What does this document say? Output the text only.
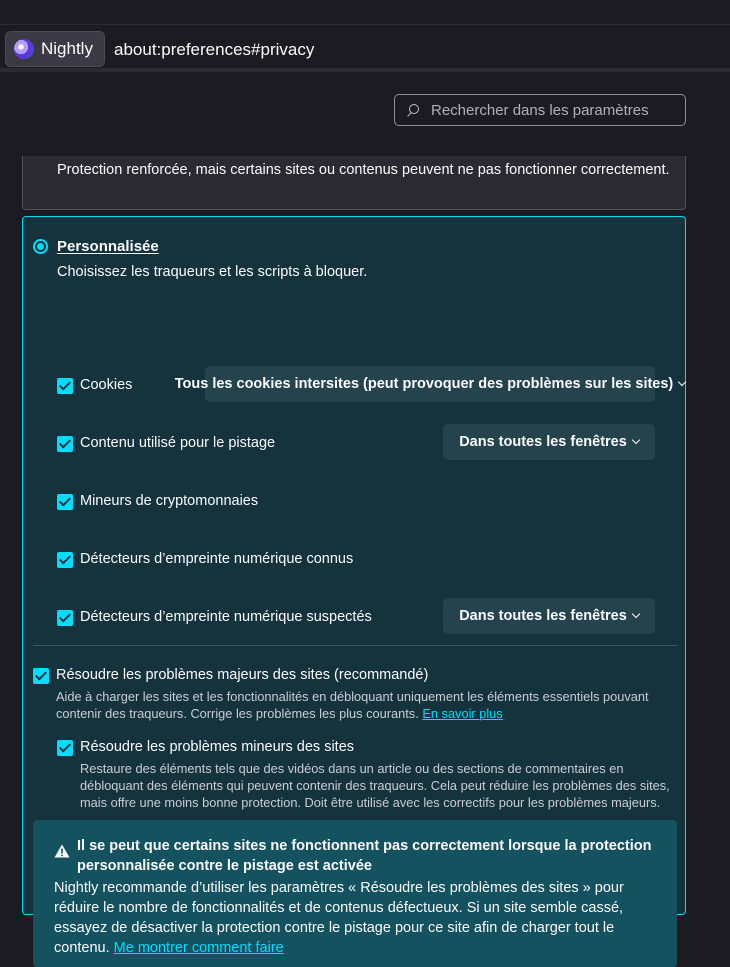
Nightly about:preferences#privacy
Rechercher dans les paramètres
Protection renforcée, mais certains sites ou contenus peuvent ne pas fonctionner correctement.
Personnalisée
Choisissez les traqueurs et les scripts à bloquer.
Cookies	Tous les cookies intersites (peut provoquer des problèmes sur les sites)
Contenu utilisé pour le pistage	Dans toutes les fenêtres
Mineurs de cryptomonnaies
Détecteurs d’empreinte numérique connus
Détecteurs d’empreinte numérique suspectés	Dans toutes les fenêtres
Résoudre les problèmes majeurs des sites (recommandé)
Aide à charger les sites et les fonctionnalités en débloquant uniquement les éléments essentiels pouvant contenir des traqueurs. Corrige les problèmes les plus courants. En savoir plus
Résoudre les problèmes mineurs des sites
Restaure des éléments tels que des vidéos dans un article ou des sections de commentaires en débloquant des éléments qui peuvent contenir des traqueurs. Cela peut réduire les problèmes des sites, mais offre une moins bonne protection. Doit être utilisé avec les correctifs pour les problèmes majeurs.
Il se peut que certains sites ne fonctionnent pas correctement lorsque la protection personnalisée contre le pistage est activée
Nightly recommande d’utiliser les paramètres « Résoudre les problèmes des sites » pour réduire le nombre de fonctionnalités et de contenus défectueux. Si un site semble cassé, essayez de désactiver la protection contre le pistage pour ce site afin de charger tout le contenu. Me montrer comment faire
